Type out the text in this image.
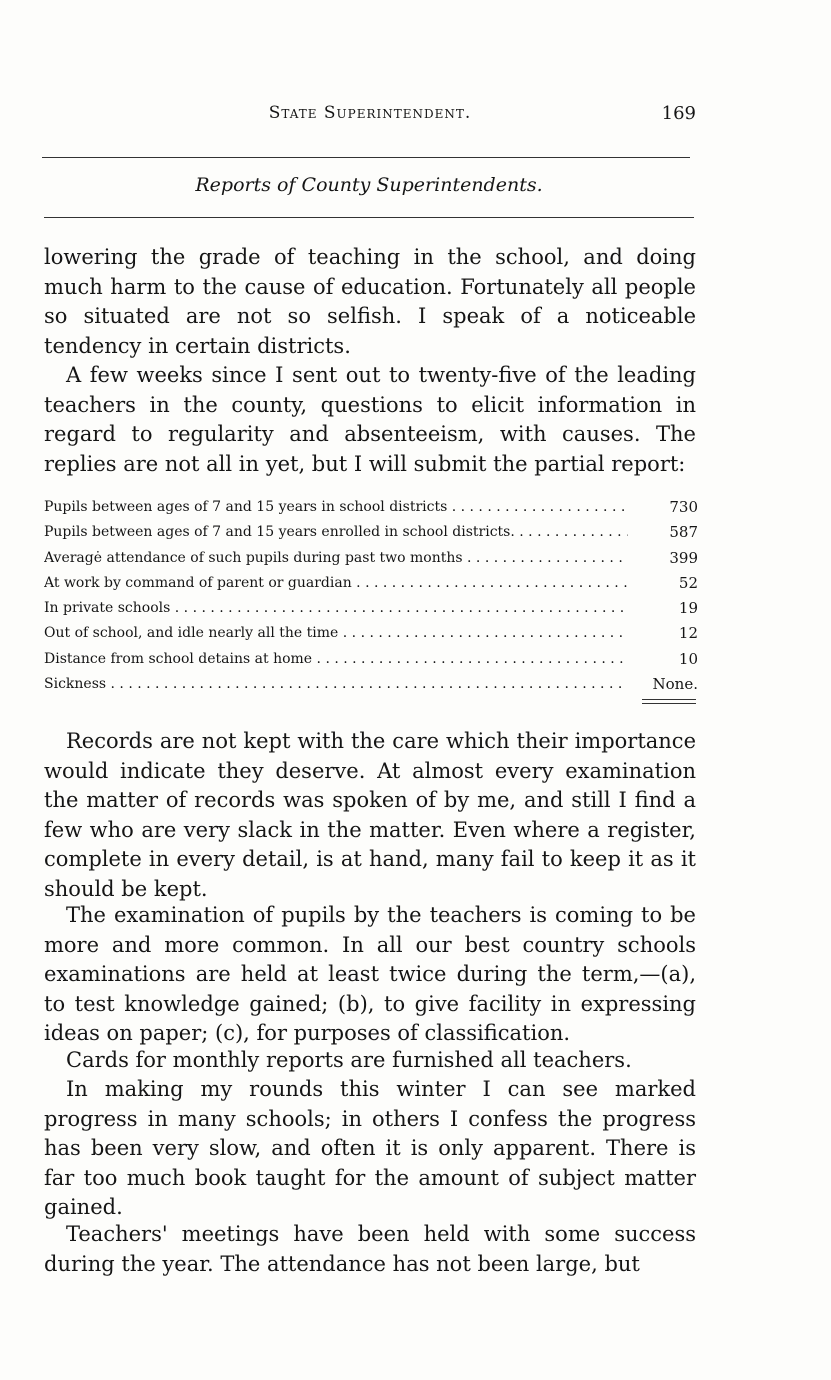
State Superintendent.	169
Reports of County Superintendents.

lowering the grade of teaching in the school, and doing much harm to the cause of education. Fortunately all people so situated are not so selfish. I speak of a noticeable tendency in certain districts.

A few weeks since I sent out to twenty-five of the leading teachers in the county, questions to elicit information in regard to regularity and absenteeism, with causes. The replies are not all in yet, but I will submit the partial report:

Pupils between ages of 7 and 15 years in school districts . . .	730
Pupils between ages of 7 and 15 years enrolled in school districts. . . .	587
Averagė attendance of such pupils during past two months . . .	399
At work by command of parent or guardian . . .	52
In private schools . . .	19
Out of school, and idle nearly all the time . . .	12
Distance from school detains at home . . .	10
Sickness . . .	None.

Records are not kept with the care which their importance would indicate they deserve. At almost every examination the matter of records was spoken of by me, and still I find a few who are very slack in the matter. Even where a register, complete in every detail, is at hand, many fail to keep it as it should be kept.

The examination of pupils by the teachers is coming to be more and more common. In all our best country schools examinations are held at least twice during the term,—(a), to test knowledge gained; (b), to give facility in expressing ideas on paper; (c), for purposes of classification.

Cards for monthly reports are furnished all teachers.

In making my rounds this winter I can see marked progress in many schools; in others I confess the progress has been very slow, and often it is only apparent. There is far too much book taught for the amount of subject matter gained.

Teachers' meetings have been held with some success during the year. The attendance has not been large, but
